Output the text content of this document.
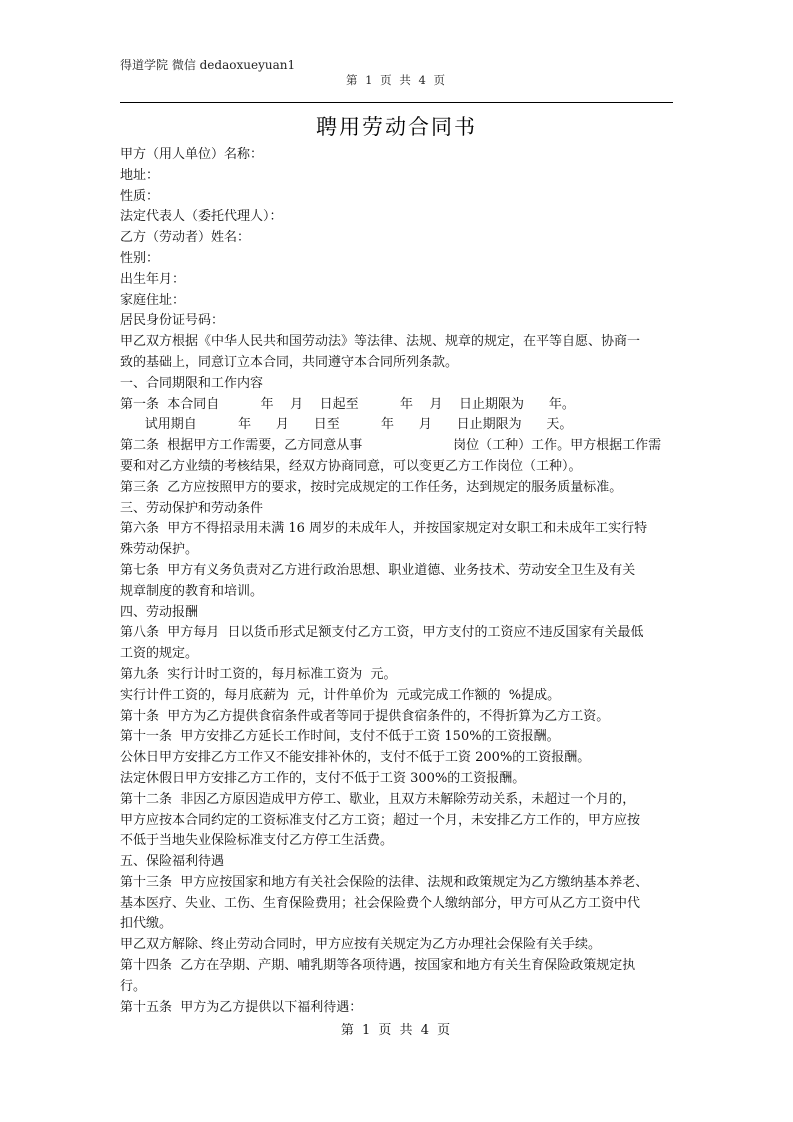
得道学院 微信 dedaoxueyuan1
第 1 页 共 4 页
聘用劳动合同书
甲方（用人单位）名称：
地址：
性质：
法定代表人（委托代理人）：
乙方（劳动者）姓名：
性别：
出生年月：
家庭住址：
居民身份证号码：
甲乙双方根据《中华人民共和国劳动法》等法律、法规、规章的规定，在平等自愿、协商一
致的基础上，同意订立本合同，共同遵守本合同所列条款。
一、合同期限和工作内容
第一条  本合同自          年    月    日起至          年    月    日止期限为      年。
试用期自          年      月      日至          年      月      日止期限为      天。
第二条  根据甲方工作需要，乙方同意从事                      岗位（工种）工作。甲方根据工作需
要和对乙方业绩的考核结果，经双方协商同意，可以变更乙方工作岗位（工种）。
第三条  乙方应按照甲方的要求，按时完成规定的工作任务，达到规定的服务质量标准。
三、劳动保护和劳动条件
第六条  甲方不得招录用未满 16 周岁的未成年人，并按国家规定对女职工和未成年工实行特
殊劳动保护。
第七条  甲方有义务负责对乙方进行政治思想、职业道德、业务技术、劳动安全卫生及有关
规章制度的教育和培训。
四、劳动报酬
第八条  甲方每月  日以货币形式足额支付乙方工资，甲方支付的工资应不违反国家有关最低
工资的规定。
第九条  实行计时工资的，每月标准工资为  元。
实行计件工资的，每月底薪为  元，计件单价为  元或完成工作额的  %提成。
第十条  甲方为乙方提供食宿条件或者等同于提供食宿条件的，不得折算为乙方工资。
第十一条  甲方安排乙方延长工作时间，支付不低于工资 150%的工资报酬。
公休日甲方安排乙方工作又不能安排补休的，支付不低于工资 200%的工资报酬。
法定休假日甲方安排乙方工作的，支付不低于工资 300%的工资报酬。
第十二条  非因乙方原因造成甲方停工、歇业，且双方未解除劳动关系，未超过一个月的，
甲方应按本合同约定的工资标准支付乙方工资；超过一个月，未安排乙方工作的，甲方应按
不低于当地失业保险标准支付乙方停工生活费。
五、保险福利待遇
第十三条  甲方应按国家和地方有关社会保险的法律、法规和政策规定为乙方缴纳基本养老、
基本医疗、失业、工伤、生育保险费用；社会保险费个人缴纳部分，甲方可从乙方工资中代
扣代缴。
甲乙双方解除、终止劳动合同时，甲方应按有关规定为乙方办理社会保险有关手续。
第十四条  乙方在孕期、产期、哺乳期等各项待遇，按国家和地方有关生育保险政策规定执
行。
第十五条  甲方为乙方提供以下福利待遇：
第 1 页 共 4 页
